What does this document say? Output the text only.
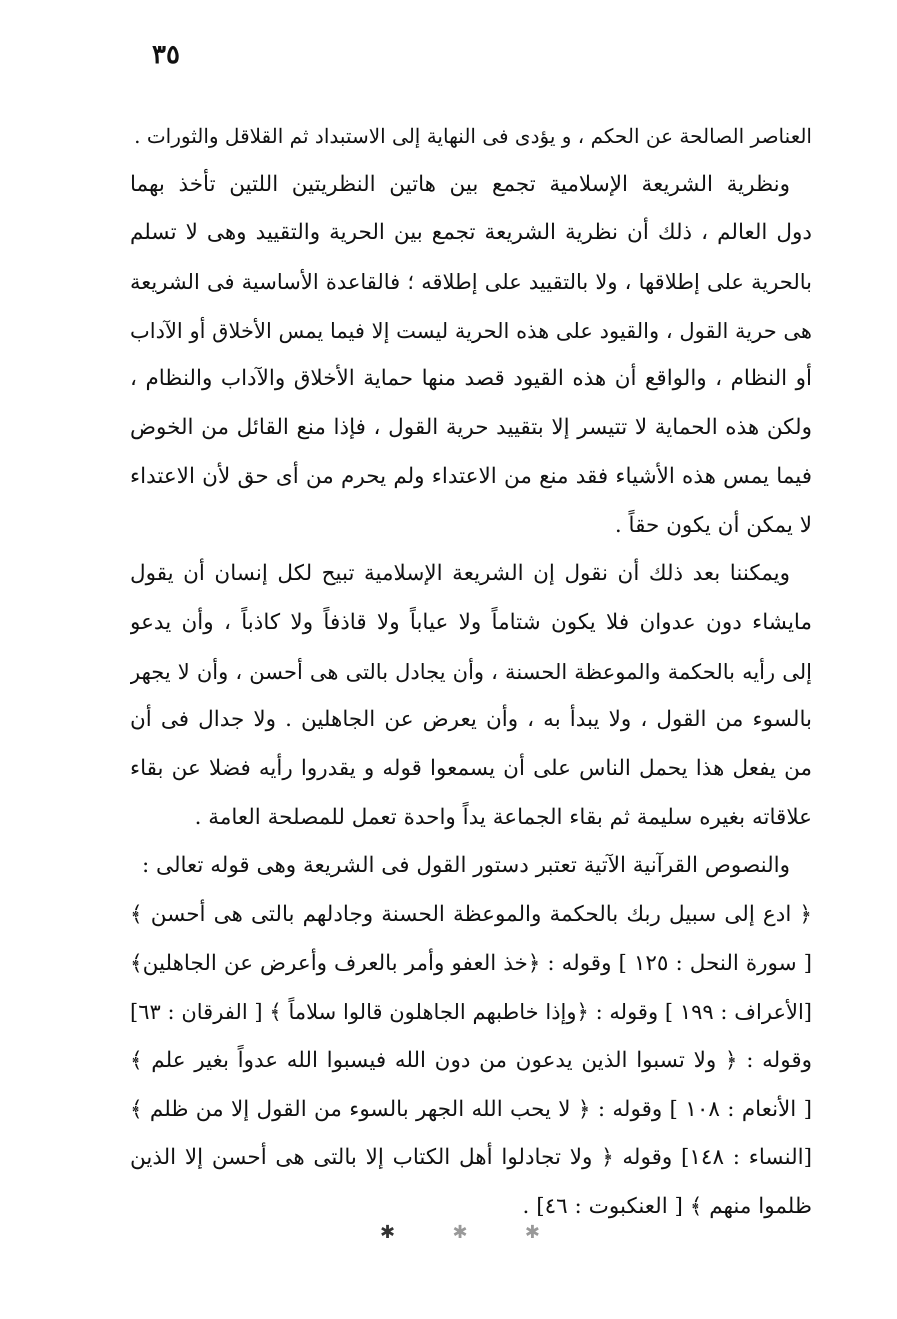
٣٥
العناصر الصالحة عن الحكم ، و يؤدى فى النهاية إلى الاستبداد ثم القلاقل والثورات .
ونظرية الشريعة الإسلامية تجمع بين هاتين النظريتين اللتين تأخذ بهما
دول العالم ، ذلك أن نظرية الشريعة تجمع بين الحرية والتقييد وهى لا تسلم
بالحرية على إطلاقها ، ولا بالتقييد على إطلاقه ؛ فالقاعدة الأساسية فى الشريعة
هى حرية القول ، والقيود على هذه الحرية ليست إلا فيما يمس الأخلاق أو الآداب
أو النظام ، والواقع أن هذه القيود قصد منها حماية الأخلاق والآداب والنظام ،
ولكن هذه الحماية لا تتيسر إلا بتقييد حرية القول ، فإذا منع القائل من الخوض
فيما يمس هذه الأشياء فقد منع من الاعتداء ولم يحرم من أى حق لأن الاعتداء
لا يمكن أن يكون حقاً .
ويمكننا بعد ذلك أن نقول إن الشريعة الإسلامية تبيح لكل إنسان أن يقول
مايشاء دون عدوان فلا يكون شتاماً ولا عياباً ولا قاذفاً ولا كاذباً ، وأن يدعو
إلى رأيه بالحكمة والموعظة الحسنة ، وأن يجادل بالتى هى أحسن ، وأن لا يجهر
بالسوء من القول ، ولا يبدأ به ، وأن يعرض عن الجاهلين . ولا جدال فى أن
من يفعل هذا يحمل الناس على أن يسمعوا قوله و يقدروا رأيه فضلا عن بقاء
علاقاته بغيره سليمة ثم بقاء الجماعة يداً واحدة تعمل للمصلحة العامة .
والنصوص القرآنية الآتية تعتبر دستور القول فى الشريعة وهى قوله تعالى :
﴿ ادع إلى سبيل ربك بالحكمة والموعظة الحسنة وجادلهم بالتى هى أحسن ﴾
[ سورة النحل : ١٢٥ ] وقوله : ﴿خذ العفو وأمر بالعرف وأعرض عن الجاهلين﴾
[الأعراف : ١٩٩ ] وقوله : ﴿وإذا خاطبهم الجاهلون قالوا سلاماً ﴾ [ الفرقان : ٦٣]
وقوله : ﴿ ولا تسبوا الذين يدعون من دون الله فيسبوا الله عدواً بغير علم ﴾
[ الأنعام : ١٠٨ ] وقوله : ﴿ لا يحب الله الجهر بالسوء من القول إلا من ظلم ﴾
[النساء : ١٤٨] وقوله ﴿ ولا تجادلوا أهل الكتاب إلا بالتى هى أحسن إلا الذين
ظلموا منهم ﴾ [ العنكبوت : ٤٦] .
✱	✱	✱
